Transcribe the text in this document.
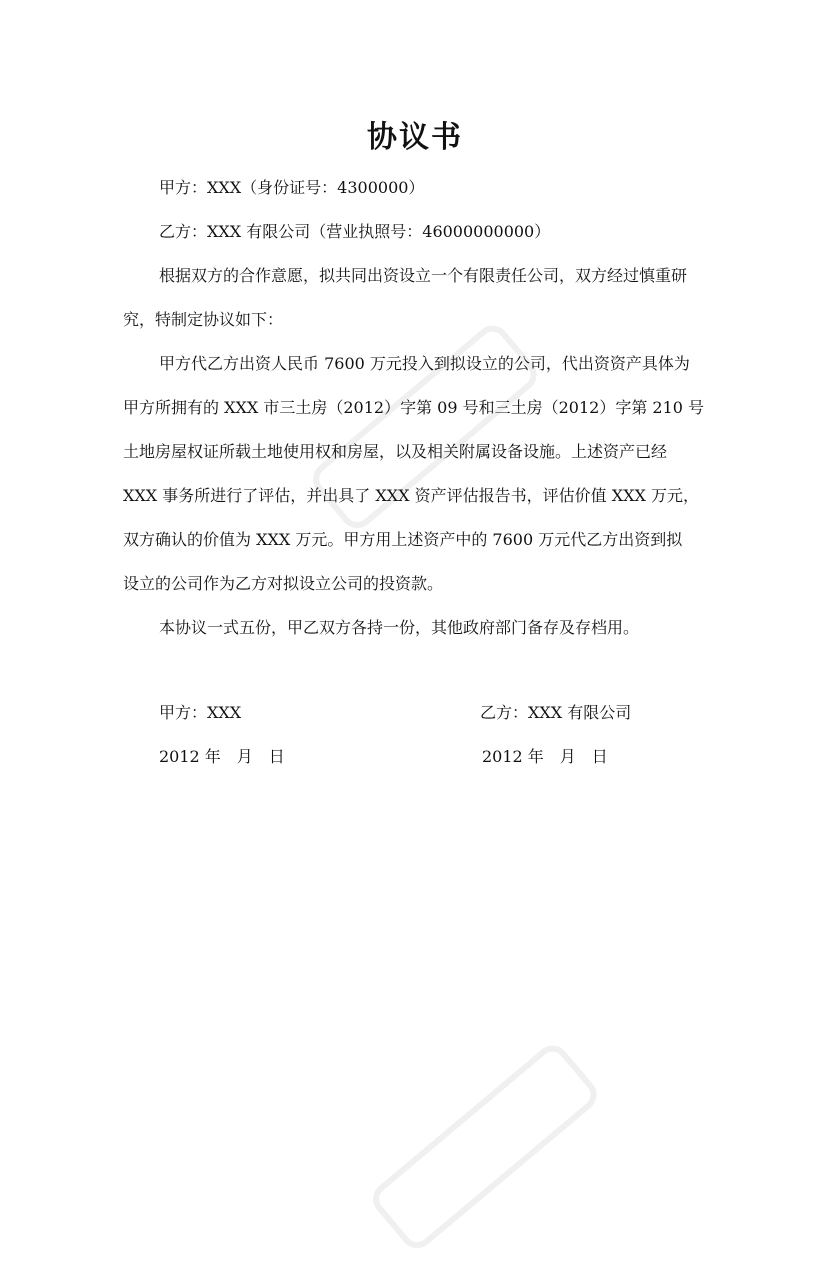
协议书

甲方：XXX（身份证号：4300000）

乙方：XXX 有限公司（营业执照号：46000000000）

根据双方的合作意愿，拟共同出资设立一个有限责任公司，双方经过慎重研
究，特制定协议如下：

甲方代乙方出资人民币 7600 万元投入到拟设立的公司，代出资资产具体为
甲方所拥有的 XXX 市三土房（2012）字第 09 号和三土房（2012）字第 210 号
土地房屋权证所载土地使用权和房屋，以及相关附属设备设施。上述资产已经
XXX 事务所进行了评估，并出具了 XXX 资产评估报告书，评估价值 XXX 万元，
双方确认的价值为 XXX 万元。甲方用上述资产中的 7600 万元代乙方出资到拟
设立的公司作为乙方对拟设立公司的投资款。

本协议一式五份，甲乙双方各持一份，其他政府部门备存及存档用。

甲方：XXX	乙方：XXX 有限公司

2012 年　月　日	2012 年　月　日
